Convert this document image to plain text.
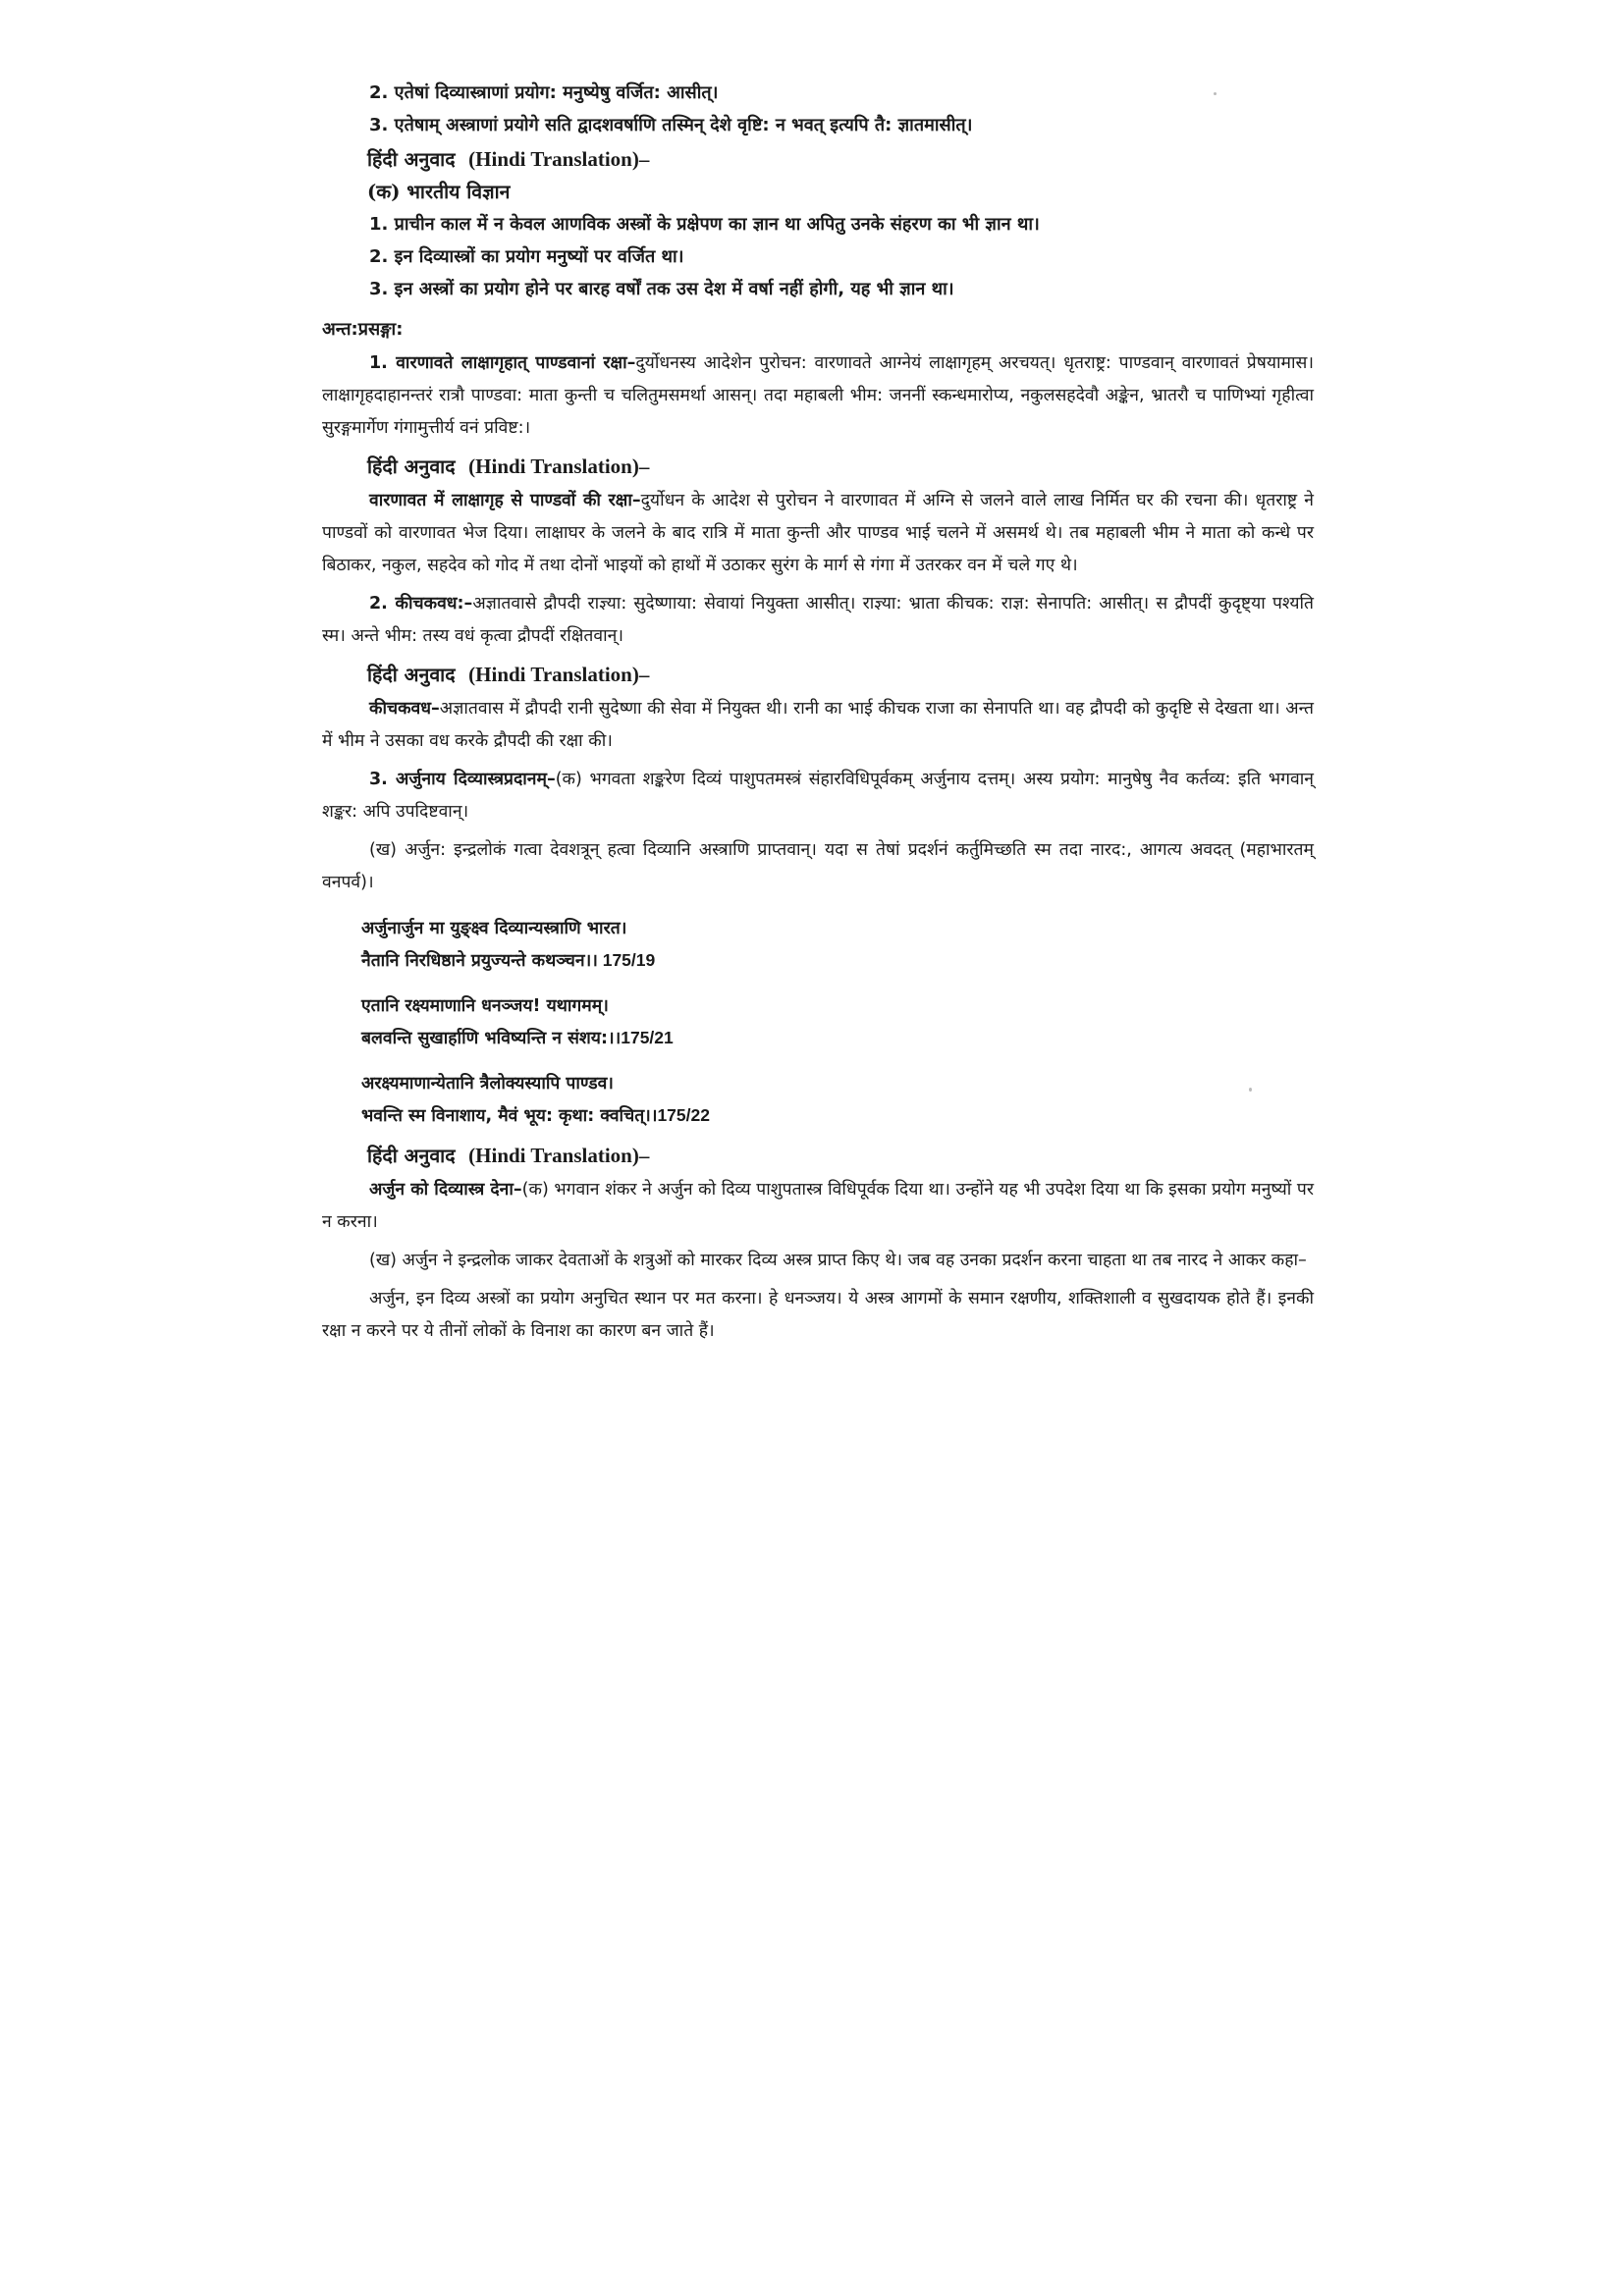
2. एतेषां दिव्यास्त्राणां प्रयोग: मनुष्येषु वर्जित: आसीत्।
3. एतेषाम् अस्त्राणां प्रयोगे सति द्वादशवर्षाणि तस्मिन् देशे वृष्टि: न भवत् इत्यपि तै: ज्ञातमासीत्।
हिंदी अनुवाद (Hindi Translation)–
(क) भारतीय विज्ञान
1. प्राचीन काल में न केवल आणविक अस्त्रों के प्रक्षेपण का ज्ञान था अपितु उनके संहरण का भी ज्ञान था।
2. इन दिव्यास्त्रों का प्रयोग मनुष्यों पर वर्जित था।
3. इन अस्त्रों का प्रयोग होने पर बारह वर्षों तक उस देश में वर्षा नहीं होगी, यह भी ज्ञान था।
अन्त:प्रसङ्गा:

1. वारणावते लाक्षागृहात् पाण्डवानां रक्षा–दुर्योधनस्य आदेशेन पुरोचन: वारणावते आग्नेयं लाक्षागृहम् अरचयत्। धृतराष्ट्र: पाण्डवान् वारणावतं प्रेषयामास। लाक्षागृहदाहानन्तरं रात्रौ पाण्डवा: माता कुन्ती च चलितुमसमर्था आसन्। तदा महाबली भीम: जननीं स्कन्धमारोप्य, नकुलसहदेवौ अङ्केन, भ्रातरौ च पाणिभ्यां गृहीत्वा सुरङ्गमार्गेण गंगामुत्तीर्य वनं प्रविष्ट:।

हिंदी अनुवाद (Hindi Translation)–

वारणावत में लाक्षागृह से पाण्डवों की रक्षा–दुर्योधन के आदेश से पुरोचन ने वारणावत में अग्नि से जलने वाले लाख निर्मित घर की रचना की। धृतराष्ट्र ने पाण्डवों को वारणावत भेज दिया। लाक्षाघर के जलने के बाद रात्रि में माता कुन्ती और पाण्डव भाई चलने में असमर्थ थे। तब महाबली भीम ने माता को कन्धे पर बिठाकर, नकुल, सहदेव को गोद में तथा दोनों भाइयों को हाथों में उठाकर सुरंग के मार्ग से गंगा में उतरकर वन में चले गए थे।

2. कीचकवध:–अज्ञातवासे द्रौपदी राज्ञ्या: सुदेष्णाया: सेवायां नियुक्ता आसीत्। राज्ञ्या: भ्राता कीचक: राज्ञ: सेनापति: आसीत्। स द्रौपदीं कुदृष्ट्या पश्यति स्म। अन्ते भीम: तस्य वधं कृत्वा द्रौपदीं रक्षितवान्।

हिंदी अनुवाद (Hindi Translation)–

कीचकवध–अज्ञातवास में द्रौपदी रानी सुदेष्णा की सेवा में नियुक्त थी। रानी का भाई कीचक राजा का सेनापति था। वह द्रौपदी को कुदृष्टि से देखता था। अन्त में भीम ने उसका वध करके द्रौपदी की रक्षा की।

3. अर्जुनाय दिव्यास्त्रप्रदानम्–(क) भगवता शङ्करेण दिव्यं पाशुपतमस्त्रं संहारविधिपूर्वकम् अर्जुनाय दत्तम्। अस्य प्रयोग: मानुषेषु नैव कर्तव्य: इति भगवान् शङ्कर: अपि उपदिष्टवान्।

(ख) अर्जुन: इन्द्रलोकं गत्वा देवशत्रून् हत्वा दिव्यानि अस्त्राणि प्राप्तवान्। यदा स तेषां प्रदर्शनं कर्तुमिच्छति स्म तदा नारद:, आगत्य अवदत् (महाभारतम् वनपर्व)।

अर्जुनार्जुन मा युङ्क्ष्व दिव्यान्यस्त्राणि भारत।
नैतानि निरधिष्ठाने प्रयुज्यन्ते कथञ्चन।। 175/19
एतानि रक्ष्यमाणानि धनञ्जय! यथागमम्।
बलवन्ति सुखार्हाणि भविष्यन्ति न संशय:।।175/21
अरक्ष्यमाणान्येतानि त्रैलोक्यस्यापि पाण्डव।
भवन्ति स्म विनाशाय, मैवं भूय: कृथा: क्वचित्।।175/22
हिंदी अनुवाद (Hindi Translation)–

अर्जुन को दिव्यास्त्र देना–(क) भगवान शंकर ने अर्जुन को दिव्य पाशुपतास्त्र विधिपूर्वक दिया था। उन्होंने यह भी उपदेश दिया था कि इसका प्रयोग मनुष्यों पर न करना।

(ख) अर्जुन ने इन्द्रलोक जाकर देवताओं के शत्रुओं को मारकर दिव्य अस्त्र प्राप्त किए थे। जब वह उनका प्रदर्शन करना चाहता था तब नारद ने आकर कहा–

अर्जुन, इन दिव्य अस्त्रों का प्रयोग अनुचित स्थान पर मत करना। हे धनञ्जय। ये अस्त्र आगमों के समान रक्षणीय, शक्तिशाली व सुखदायक होते हैं। इनकी रक्षा न करने पर ये तीनों लोकों के विनाश का कारण बन जाते हैं।
